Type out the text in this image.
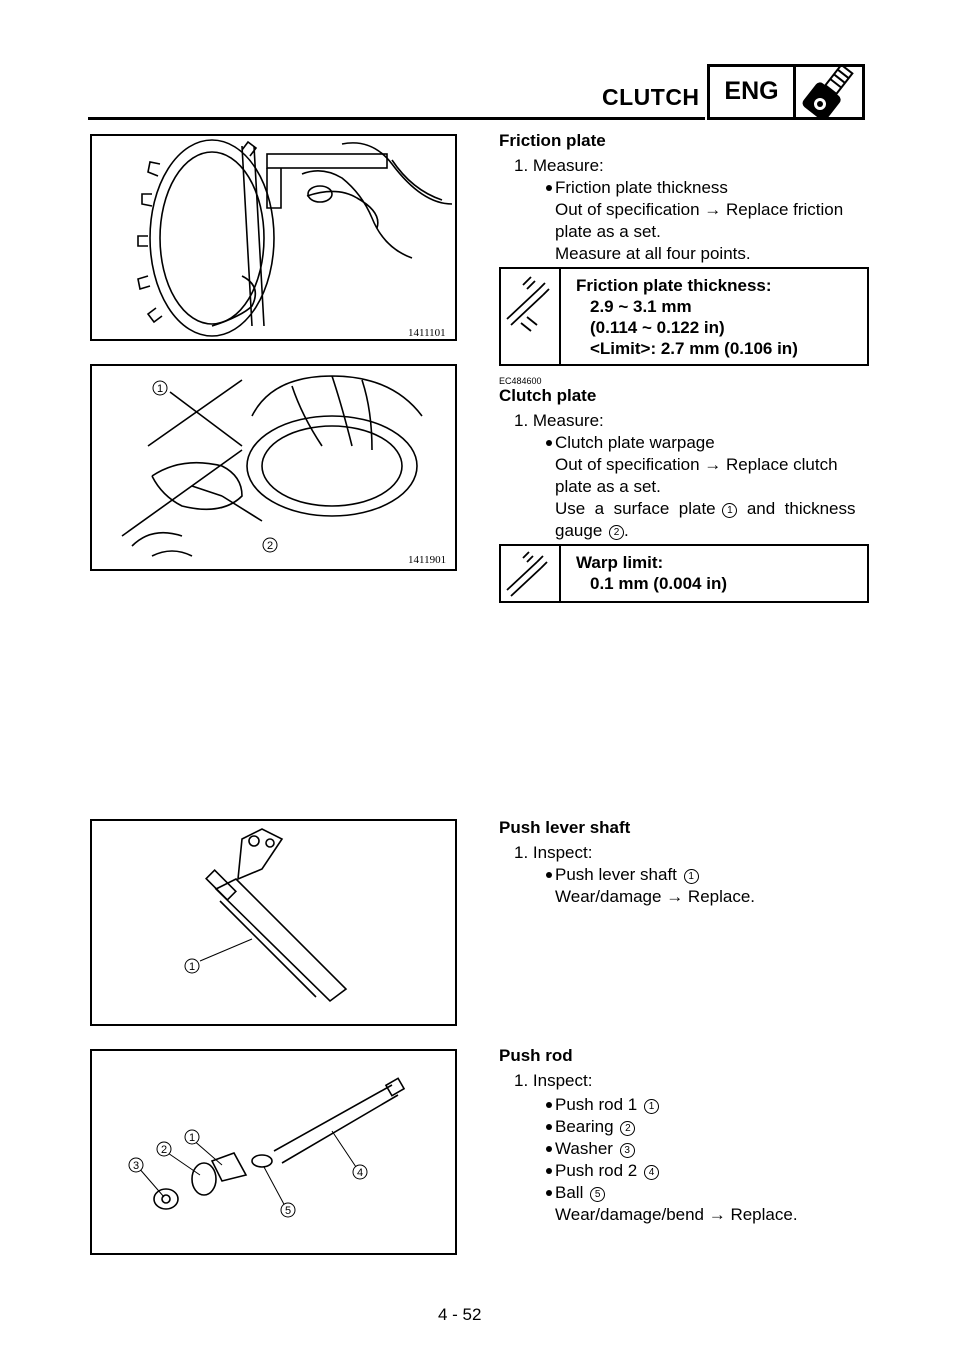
CLUTCH ENG
1411101
1
2
1411901
1
1
2
3
4
5
Friction plate
1. Measure:
Friction plate thickness
Out of specification → Replace friction
plate as a set.
Measure at all four points.
Friction plate thickness:
2.9 ~ 3.1 mm
(0.114 ~ 0.122 in)
<Limit>: 2.7 mm (0.106 in)
EC484600
Clutch plate
1. Measure:
Clutch plate warpage
Out of specification → Replace clutch
plate as a set.
Use  a  surface  plate 1 and  thickness
gauge 2 .
Warp limit:
0.1 mm (0.004 in)
Push lever shaft
1. Inspect:
Push lever shaft 1
Wear/damage → Replace.
Push rod
1. Inspect:
Push rod 1 1
Bearing 2
Washer 3
Push rod 2 4
Ball 5
Wear/damage/bend → Replace.
4 - 52
